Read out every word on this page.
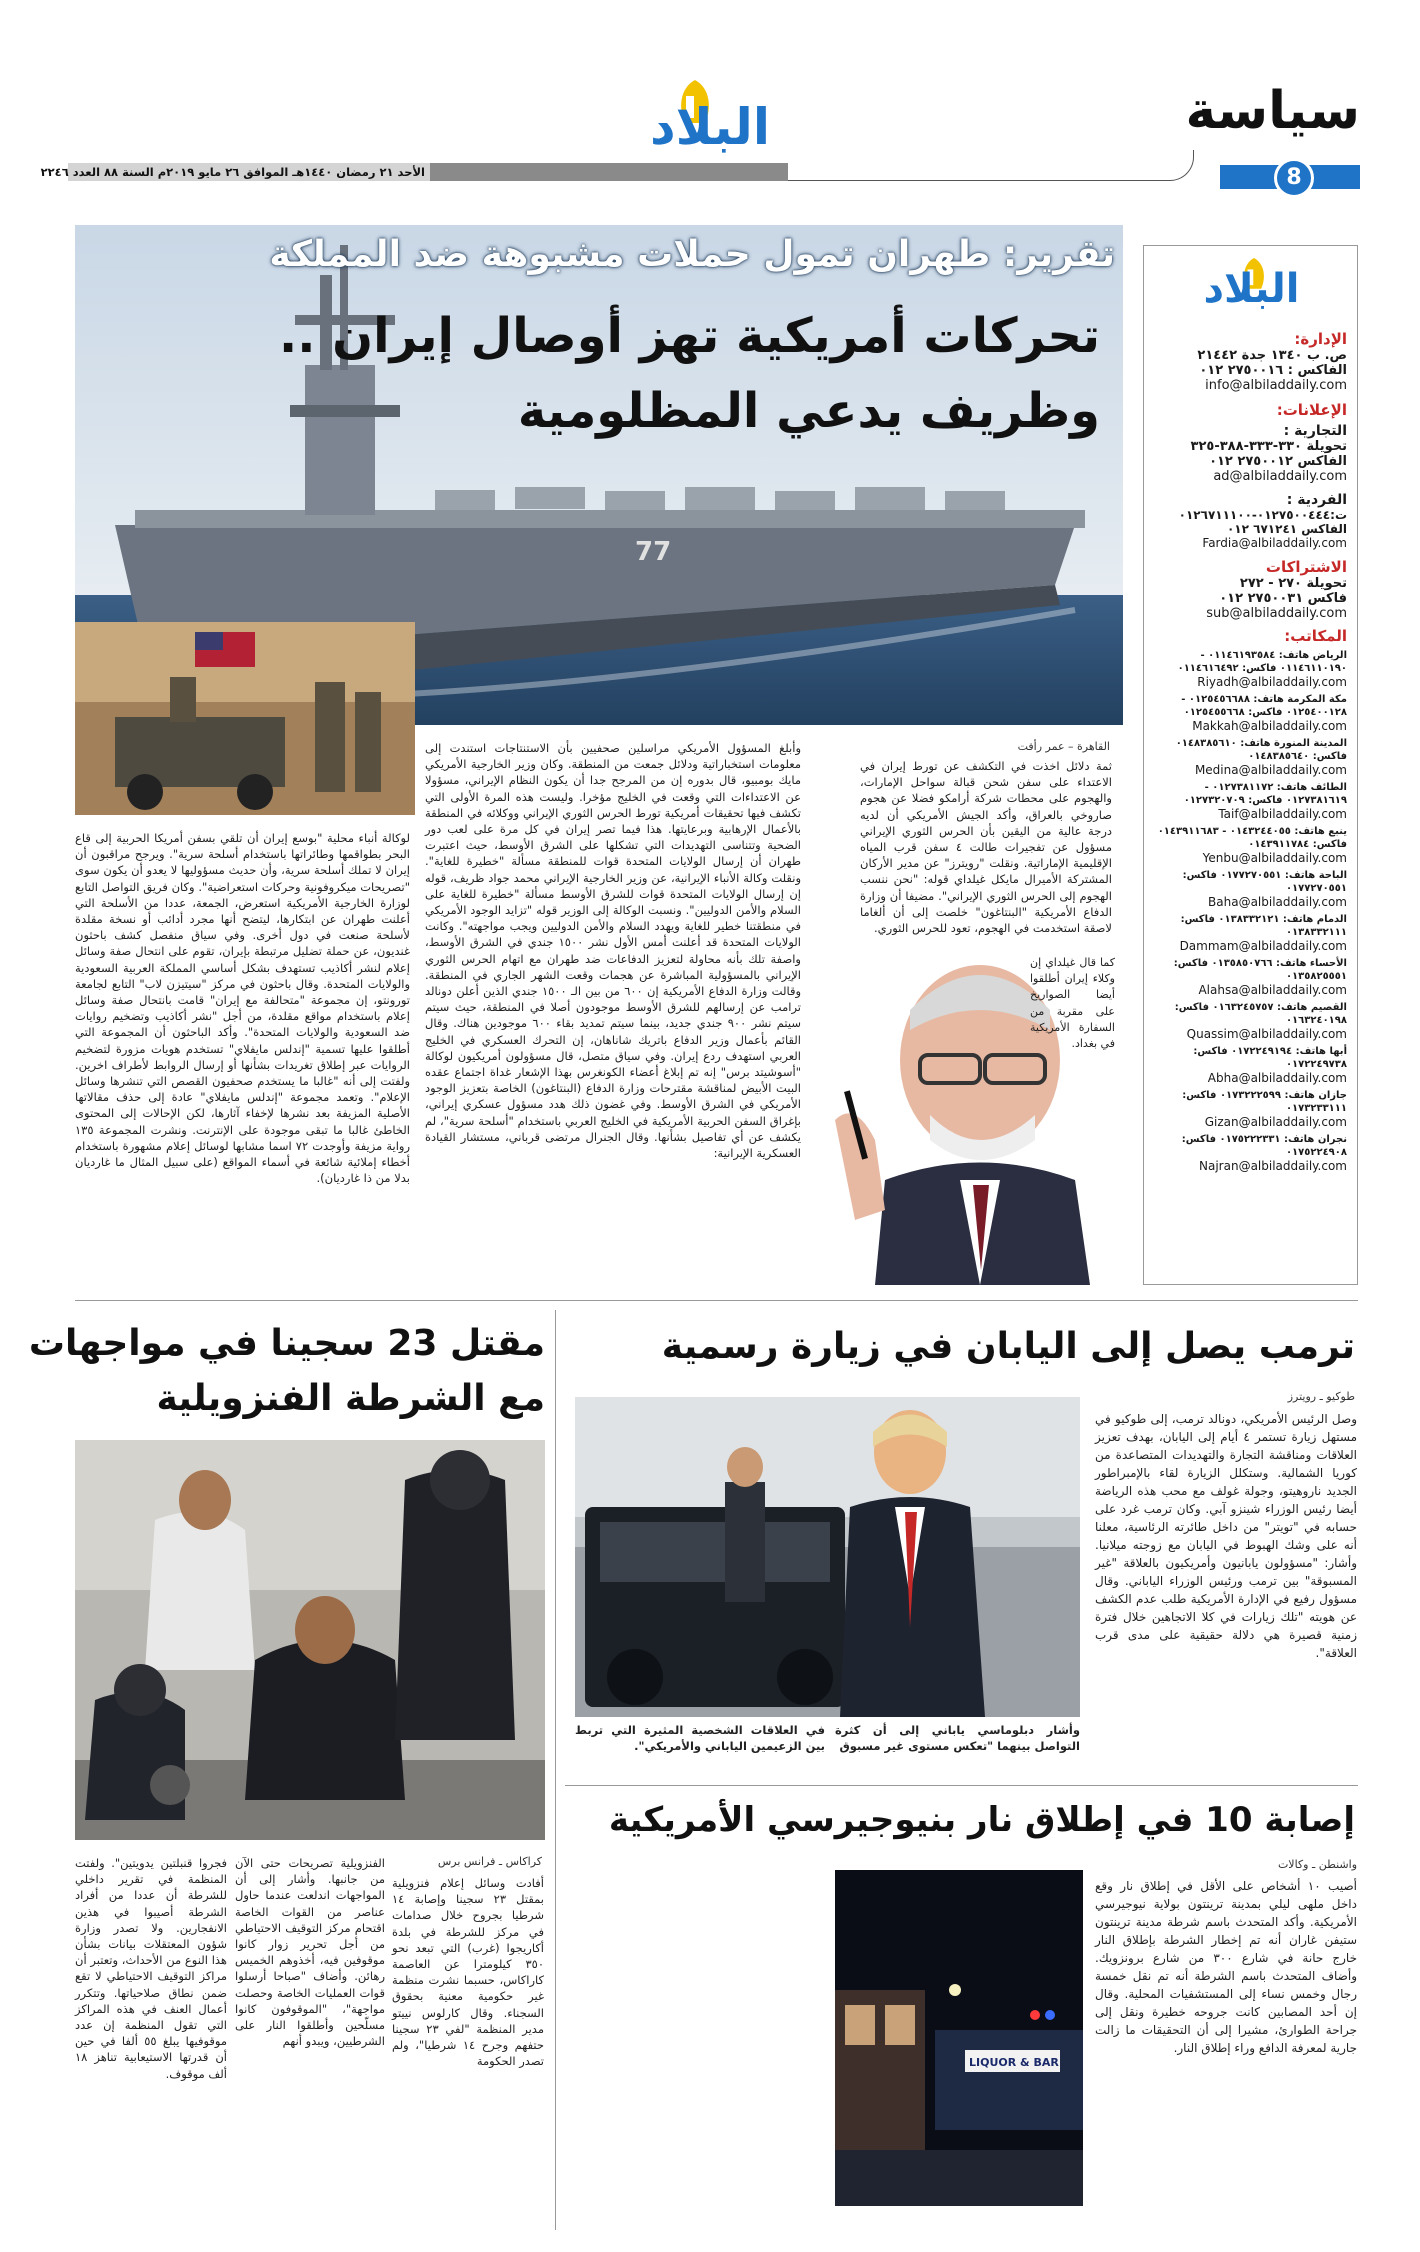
سياسة
8
البلاد
الأحد ٢١ رمضان ١٤٤٠هـ الموافق ٢٦ مايو ٢٠١٩م السنة ٨٨ العدد ٢٢٤٦
البلاد
الإدارة:
ص. ب ١٣٤٠ جدة ٢١٤٤٢
الفاكس : ٢٧٥٠٠١٦ ٠١٢
info@albiladdaily.com
الإعلانات:
التجارية :
تحويلة ٣٣٠-٣٣٣-٣٨٨-٣٢٥
الفاكس ٢٧٥٠٠١٢ ٠١٢
ad@albiladdaily.com
الفردية :
ت:٠١٢٧٥٠٠٤٤٤-٠١٢٦٧١١١٠٠
الفاكس ٦٧١٢٤١ ٠١٢
Fardia@albiladdaily.com
الاشتراكات
تحويلة ٢٧٠ - ٢٧٢
فاكس ٢٧٥٠٠٣١ ٠١٢
sub@albiladdaily.com
المكاتب:
الرياض هاتف: ٠١١٤٦١٩٣٥٨٤ - ٠١١٤٦١١٠١٩٠ فاكس: ٠١١٤٦١٦٤٩٢
Riyadh@albiladdaily.com
مكة المكرمة هاتف: ٠١٢٥٤٥٦٦٨٨ - ٠١٢٥٤٠٠١٢٨ فاكس: ٠١٢٥٤٥٥٦٦٨
Makkah@albiladdaily.com
المدينة المنورة هاتف: ٠١٤٨٣٨٥٦١٠ فاكس: ٠١٤٨٣٨٥٦٤٠
Medina@albiladdaily.com
الطائف هاتف: ٠١٢٧٣٨١١٧٢ - ٠١٢٧٣٨١٦١٩ فاكس: ٠١٢٧٣٢٠٧٠٩
Taif@albiladdaily.com
ينبع هاتف: ٠١٤٣٢٤٤٠٥٥ - ٠١٤٣٩١١٦٨٣ فاكس: ٠١٤٣٩١١٧٨٤
Yenbu@albiladdaily.com
الباحة هاتف: ٠١٧٧٢٧٠٥٥١ فاكس: ٠١٧٧٢٧٠٥٥١
Baha@albiladdaily.com
الدمام هاتف: ٠١٣٨٣٣٢١٢١ فاكس: ٠١٣٨٣٣٢١١١
Dammam@albiladdaily.com
الأحساء هاتف: ٠١٣٥٨٥٠٧٦٦ فاكس: ٠١٣٥٨٢٥٥٥١
Alahsa@albiladdaily.com
القصيم هاتف: ٠١٦٣٢٤٥٧٥٧ فاكس: ٠١٦٣٢٤٠١٩٨
Quassim@albiladdaily.com
أبها هاتف: ٠١٧٢٢٤٩١٩٤ فاكس: ٠١٧٢٢٤٩٧٣٨
Abha@albiladdaily.com
جازان هاتف: ٠١٧٣٢٢٢٥٩٩ فاكس: ٠١٧٣٢٣٣١١١
Gizan@albiladdaily.com
نجران هاتف: ٠١٧٥٢٢٢٣٣١ فاكس: ٠١٧٥٢٢٤٩٠٨
Najran@albiladdaily.com
77
تقرير: طهران تمول حملات مشبوهة ضد المملكة
تحركات أمريكية تهز أوصال إيران ..
وظريف يدعي المظلومية
القاهرة – عمر رأفت
ثمة دلائل اخذت في التكشف عن تورط إيران في الاعتداء على سفن شحن قبالة سواحل الإمارات، والهجوم على محطات شركة أرامكو فضلا عن هجوم صاروخي بالعراق، وأكد الجيش الأمريكي أن لديه درجة عالية من اليقين بأن الحرس الثوري الإيراني مسؤول عن تفجيرات طالت ٤ سفن قرب المياه الإقليمية الإماراتية. ونقلت "رويترز" عن مدير الأركان المشتركة الأميرال مايكل غيلداي قوله: "نحن ننسب الهجوم إلى الحرس الثوري الإيراني". مضيفا أن وزارة الدفاع الأمريكية "البنتاغون" خلصت إلى أن ألغاما لاصقة استخدمت في الهجوم، تعود للحرس الثوري.
كما قال غيلداي إن وكلاء إيران أطلقوا أيضا الصواريخ على مقربة من السفارة الأمريكية في بغداد.
وأبلغ المسؤول الأمريكي مراسلين صحفيين بأن الاستنتاجات استندت إلى معلومات استخباراتية ودلائل جمعت من المنطقة. وكان وزير الخارجية الأمريكي مايك بومبيو، قال بدوره إن من المرجح جدا أن يكون النظام الإيراني، مسؤولا عن الاعتداءات التي وقعت في الخليج مؤخرا. وليست هذه المرة الأولى التي تكشف فيها تحقيقات أمريكية تورط الحرس الثوري الإيراني ووكلائه في المنطقة بالأعمال الإرهابية وبرعايتها. هذا فيما تصر إيران في كل مرة على لعب دور الضحية وتتناسى التهديدات التي تشكلها على الشرق الأوسط، حيث اعتبرت طهران أن إرسال الولايات المتحدة قوات للمنطقة مسألة "خطيرة للغاية". ونقلت وكالة الأنباء الإيرانية، عن وزير الخارجية الإيراني محمد جواد ظريف، قوله إن إرسال الولايات المتحدة قوات للشرق الأوسط مسألة "خطيرة للغاية على السلام والأمن الدوليين". ونسبت الوكالة إلى الوزير قوله "تزايد الوجود الأمريكي في منطقتنا خطير للغاية ويهدد السلام والأمن الدوليين ويجب مواجهته". وكانت الولايات المتحدة قد أعلنت أمس الأول نشر ١٥٠٠ جندي في الشرق الأوسط، واصفة تلك بأنه محاولة لتعزيز الدفاعات ضد طهران مع اتهام الحرس الثوري الإيراني بالمسؤولية المباشرة عن هجمات وقعت الشهر الجاري في المنطقة. وقالت وزارة الدفاع الأمريكية إن ٦٠٠ من بين الـ ١٥٠٠ جندي الذين أعلن دونالد ترامب عن إرسالهم للشرق الأوسط موجودون أصلا في المنطقة، حيث سيتم سيتم نشر ٩٠٠ جندي جديد، بينما سيتم تمديد بقاء ٦٠٠ موجودين هناك. وقال القائم بأعمال وزير الدفاع باتريك شاناهان، إن التحرك العسكري في الخليج العربي استهدف ردع إيران. وفي سياق متصل، قال مسؤولون أمريكيون لوكالة "أسوشيتد برس" إنه تم إبلاغ أعضاء الكونغرس بهذا الإشعار غداة اجتماع عقده البيت الأبيض لمناقشة مقترحات وزارة الدفاع (البنتاغون) الخاصة بتعزيز الوجود الأمريكي في الشرق الأوسط. وفي غضون ذلك هدد مسؤول عسكري إيراني، بإغراق السفن الحربية الأمريكية في الخليج العربي باستخدام "أسلحة سرية"، لم يكشف عن أي تفاصيل بشأنها. وقال الجنرال مرتضى قرباني، مستشار القيادة العسكرية الإيرانية:
لوكالة أنباء محلية "بوسع إيران أن تلقي بسفن أمريكا الحربية إلى قاع البحر بطواقمها وطائراتها باستخدام أسلحة سرية". ويرجح مراقبون أن إيران لا تملك أسلحة سرية، وأن حديث مسؤوليها لا يعدو أن يكون سوى "تصريحات ميكروفونية وحركات استعراضية". وكان فريق التواصل التابع لوزارة الخارجية الأمريكية استعرض، الجمعة، عددا من الأسلحة التي أعلنت طهران عن ابتكارها، ليتضح أنها مجرد أدائب أو نسخة مقلدة لأسلحة صنعت في دول أخرى. وفي سياق منفصل كشف باحثون غنديون، عن حملة تضليل مرتبطة بإيران، تقوم على انتحال صفة وسائل إعلام لنشر أكاذيب تستهدف بشكل أساسي المملكة العربية السعودية والولايات المتحدة. وقال باحثون في مركز "سيتيزن لاب" التابع لجامعة تورونتو، إن مجموعة "متحالفة مع إيران" قامت بانتحال صفة وسائل إعلام باستخدام مواقع مقلدة، من أجل "نشر أكاذيب وتضخيم روايات ضد السعودية والولايات المتحدة". وأكد الباحثون أن المجموعة التي أطلقوا عليها تسمية "إندلس مايفلاي" تستخدم هويات مزورة لتضخيم الروايات عبر إطلاق تغريدات بشأنها أو إرسال الروابط لأطراف اخرين. ولفتت إلى أنه "غالبا ما يستخدم صحفيون القصص التي تنشرها وسائل الإعلام". وتعمد مجموعة "إندلس مايفلاي" عادة إلى حذف مقالاتها الأصلية المزيفة بعد نشرها لإخفاء آثارها، لكن الإحالات إلى المحتوى الخاطئ غالبا ما تبقى موجودة على الإنترنت. ونشرت المجموعة ١٣٥ رواية مزيفة وأوجدت ٧٢ اسما مشابها لوسائل إعلام مشهورة باستخدام أخطاء إملائية شائعة في أسماء المواقع (على سبيل المثال ما غارديان بدلا من ذا غارديان).
ترمب يصل إلى اليابان في زيارة رسمية
طوكيو ـ رويترز
وصل الرئيس الأمريكي، دونالد ترمب، إلى طوكيو في مستهل زيارة تستمر ٤ أيام إلى اليابان، بهدف تعزيز العلاقات ومناقشة التجارة والتهديدات المتصاعدة من كوريا الشمالية. وستكلل الزيارة لقاء بالإمبراطور الجديد ناروهيتو، وجولة غولف مع محب هذه الرياضة أيضا رئيس الوزراء شينزو آبي. وكان ترمب غرد على حسابه في "تويتر" من داخل طائرته الرئاسية، معلنا أنه على وشك الهبوط في اليابان مع زوجته ميلانيا. وأشار: "مسؤولون يابانيون وأمريكيون بالعلاقة "غير المسبوقة" بين ترمب ورئيس الوزراء الياباني. وقال مسؤول رفيع في الإدارة الأمريكية طلب عدم الكشف عن هويته "تلك زيارات في كلا الاتجاهين خلال فترة زمنية قصيرة هي دلالة حقيقية على مدى قرب العلاقة".
وأشار دبلوماسي ياباني إلى أن كثرة التواصل بينهما "تعكس مستوى غير مسبوق
في العلاقات الشخصية المثيرة التي تربط بين الزعيمين الياباني والأمريكي".
إصابة 10 في إطلاق نار بنيوجيرسي الأمريكية
واشنطن ـ وكالات
أصيب ١٠ أشخاص على الأقل في إطلاق نار وقع داخل ملهى ليلي بمدينة ترينتون بولاية نيوجيرسي الأمريكية. وأكد المتحدث باسم شرطة مدينة ترينتون ستيفن غاران أنه تم إخطار الشرطة بإطلاق النار خارج حانة في شارع ٣٠٠ من شارع برونزويك. وأضاف المتحدث باسم الشرطة أنه تم نقل خمسة رجال وخمس نساء إلى المستشفيات المحلية. وقال إن أحد المصابين كانت جروحه خطيرة ونقل إلى جراحة الطوارئ، مشيرا إلى أن التحقيقات ما زالت جارية لمعرفة الدافع وراء إطلاق النار.
LIQUOR & BAR
مقتل 23 سجينا في مواجهات
مع الشرطة الفنزويلية
كراكاس ـ فرانس برس
أفادت وسائل إعلام فنزويلية بمقتل ٢٣ سجينا وإصابة ١٤ شرطيا بجروح خلال صدامات في مركز للشرطة في بلدة أكاريجوا (غرب) التي تبعد نحو ٣٥٠ كيلومترا عن العاصمة كاراكاس، حسبما نشرت منظمة غير حكومية معنية بحقوق السجناء. وقال كارلوس نييتو مدير المنظمة "لفي ٢٣ سجينا حتفهم وجرح ١٤ شرطيا"، ولم تصدر الحكومة
الفنزويلية تصريحات حتى الآن من جانبها. وأشار إلى أن المواجهات اندلعت عندما حاول عناصر من القوات الخاصة اقتحام مركز التوقيف الاحتياطي من أجل تحرير زوار كانوا موقوفين فيه، أخذوهم الخميس رهائن. وأضاف "صباحا أرسلوا قوات العمليات الخاصة وحصلت مواجهة"، "الموقوفون كانوا مسلّحين وأطلقوا النار على الشرطيين، ويبدو أنهم
فجروا قنبلتين يدويتين". ولفتت المنظمة في تقرير داخلي للشرطة أن عددا من أفراد الشرطة أصيبوا في هذين الانفجارين. ولا تصدر وزارة شؤون المعتقلات بيانات بشأن هذا النوع من الأحداث، وتعتبر أن مراكز التوقيف الاحتياطي لا تقع ضمن نطاق صلاحياتها. وتتكرر أعمال العنف في هذه المراكز التي تقول المنظمة إن عدد موقوفيها يبلغ ٥٥ ألفا في حين أن قدرتها الاستيعابية تناهز ١٨ ألف موقوف.
